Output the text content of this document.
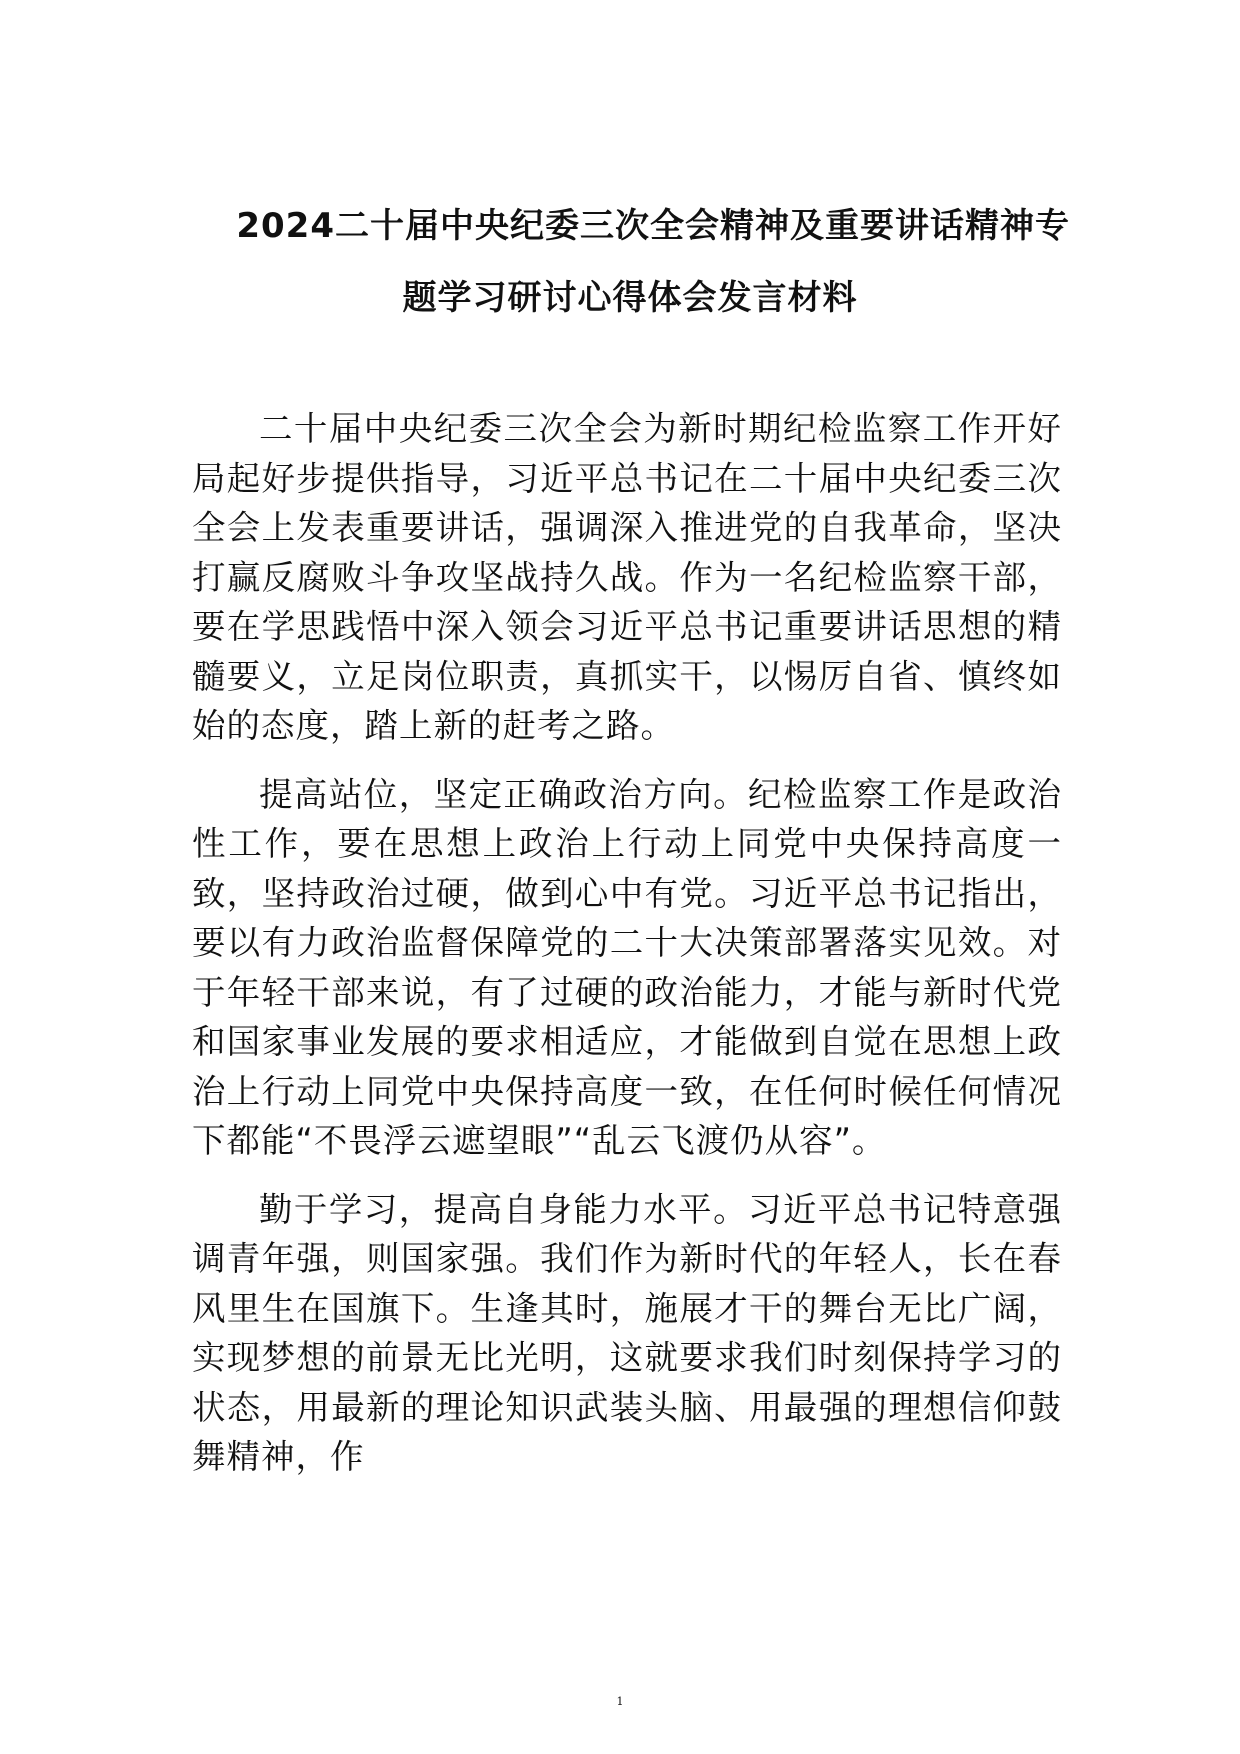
2024二十届中央纪委三次全会精神及重要讲话精神专
题学习研讨心得体会发言材料

二十届中央纪委三次全会为新时期纪检监察工作开好局起好步提供指导，习近平总书记在二十届中央纪委三次全会上发表重要讲话，强调深入推进党的自我革命，坚决打赢反腐败斗争攻坚战持久战。作为一名纪检监察干部，要在学思践悟中深入领会习近平总书记重要讲话思想的精髓要义，立足岗位职责，真抓实干，以惕厉自省、慎终如始的态度，踏上新的赶考之路。

提高站位，坚定正确政治方向。纪检监察工作是政治性工作，要在思想上政治上行动上同党中央保持高度一致，坚持政治过硬，做到心中有党。习近平总书记指出，要以有力政治监督保障党的二十大决策部署落实见效。对于年轻干部来说，有了过硬的政治能力，才能与新时代党和国家事业发展的要求相适应，才能做到自觉在思想上政治上行动上同党中央保持高度一致，在任何时候任何情况下都能“不畏浮云遮望眼”“乱云飞渡仍从容”。

勤于学习，提高自身能力水平。习近平总书记特意强调青年强，则国家强。我们作为新时代的年轻人，长在春风里生在国旗下。生逢其时，施展才干的舞台无比广阔，实现梦想的前景无比光明，这就要求我们时刻保持学习的状态，用最新的理论知识武装头脑、用最强的理想信仰鼓舞精神，作

1
